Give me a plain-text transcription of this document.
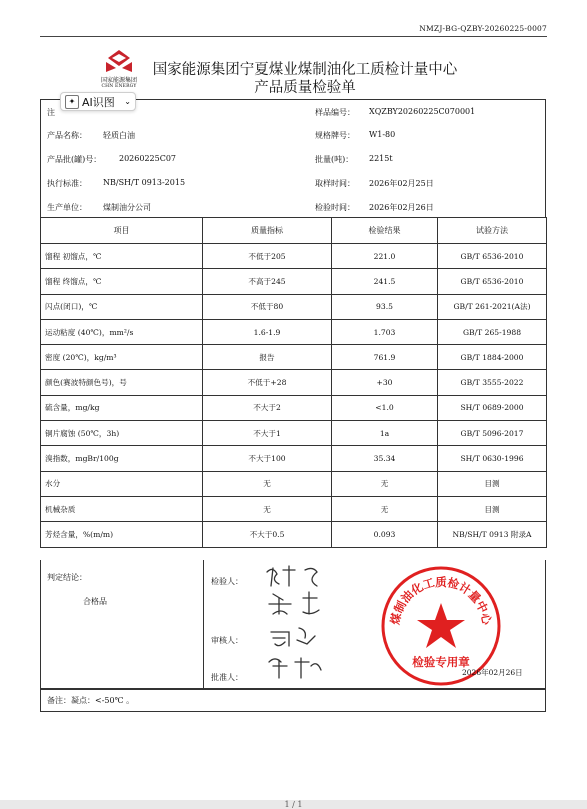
NMZJ-BG-QZBY-20260225-0007
国家能源集团
CHN ENERGY
国家能源集团宁夏煤业煤制油化工质检计量中心
产品质量检验单
注	样品编号： XQZBY20260225C070001
产品名称： 轻质白油	规格牌号： W1-80
产品批(罐)号： 20260225C07	批量(吨)： 2215t
执行标准： NB/SH/T 0913-2015	取样时间： 2026年02月25日
生产单位： 煤制油分公司	检验时间： 2026年02月26日
✦ AI识图 ⌄
项目	质量指标	检验结果	试验方法
馏程 初馏点，℃	不低于205	221.0	GB/T 6536-2010
馏程 终馏点，℃	不高于245	241.5	GB/T 6536-2010
闪点(闭口)，℃	不低于80	93.5	GB/T 261-2021(A法)
运动粘度 (40℃)，mm²/s	1.6-1.9	1.703	GB/T 265-1988
密度 (20℃)，kg/m³	报告	761.9	GB/T 1884-2000
颜色(赛波特颜色号)，号	不低于+28	+30	GB/T 3555-2022
硫含量，mg/kg	不大于2	<1.0	SH/T 0689-2000
铜片腐蚀 (50℃，3h)	不大于1	1a	GB/T 5096-2017
溴指数，mgBr/100g	不大于100	35.34	SH/T 0630-1996
水分	无	无	目测
机械杂质	无	无	目测
芳烃含量，%(m/m)	不大于0.5	0.093	NB/SH/T 0913 附录A
判定结论：
合格品
检验人：
审核人：
批准人：
煤制油化工质检计量中心
检验专用章
2026年02月26日
备注：凝点：<-50℃ 。
1 / 1
